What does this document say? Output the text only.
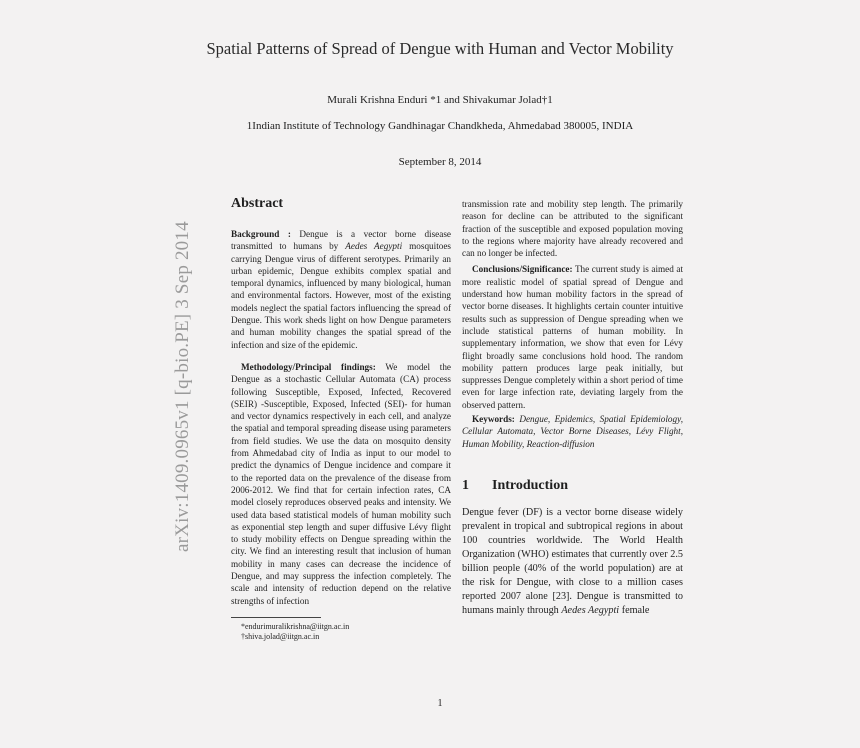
Spatial Patterns of Spread of Dengue with Human and Vector Mobility
Murali Krishna Enduri *1 and Shivakumar Jolad†1
1Indian Institute of Technology Gandhinagar Chandkheda, Ahmedabad 380005, INDIA
September 8, 2014
arXiv:1409.0965v1 [q-bio.PE] 3 Sep 2014
Abstract

Background : Dengue is a vector borne disease transmitted to humans by Aedes Aegypti mosquitoes carrying Dengue virus of different serotypes. Primarily an urban epidemic, Dengue exhibits complex spatial and temporal dynamics, influenced by many biological, human and environmental factors. However, most of the existing models neglect the spatial factors influencing the spread of Dengue. This work sheds light on how Dengue parameters and human mobility changes the spatial spread of the infection and size of the epidemic.

Methodology/Principal findings: We model the Dengue as a stochastic Cellular Automata (CA) process following Susceptible, Exposed, Infected, Recovered (SEIR) -Susceptible, Exposed, Infected (SEI)- for human and vector dynamics respectively in each cell, and analyze the spatial and temporal spreading disease using parameters from field studies. We use the data on mosquito density from Ahmedabad city of India as input to our model to predict the dynamics of Dengue incidence and compare it to the reported data on the prevalence of the disease from 2006-2012. We find that for certain infection rates, CA model closely reproduces observed peaks and intensity. We used data based statistical models of human mobility such as exponential step length and super diffusive Lévy flight to study mobility effects on Dengue spreading within the city. We find an interesting result that inclusion of human mobility in many cases can decrease the incidence of Dengue, and may suppress the infection completely. The scale and intensity of reduction depend on the relative strengths of infection

*endurimuralikrishna@iitgn.ac.in
†shiva.jolad@iitgn.ac.in

transmission rate and mobility step length. The primarily reason for decline can be attributed to the significant fraction of the susceptible and exposed population moving to the regions where majority have already recovered and can no longer be infected.

Conclusions/Significance: The current study is aimed at more realistic model of spatial spread of Dengue and understand how human mobility factors in the spread of vector borne diseases. It highlights certain counter intuitive results such as suppression of Dengue spreading when we include statistical patterns of human mobility. In supplementary information, we show that even for Lévy flight broadly same conclusions hold hood. The random mobility pattern produces large peak initially, but suppresses Dengue completely within a short period of time even for large infection rate, deviating largely from the observed pattern.

Keywords: Dengue, Epidemics, Spatial Epidemiology, Cellular Automata, Vector Borne Diseases, Lévy Flight, Human Mobility, Reaction-diffusion

1 Introduction

Dengue fever (DF) is a vector borne disease widely prevalent in tropical and subtropical regions in about 100 countries worldwide. The World Health Organization (WHO) estimates that currently over 2.5 billion people (40% of the world population) are at the risk for Dengue, with close to a million cases reported 2007 alone [23]. Dengue is transmitted to humans mainly through Aedes Aegypti female

1
